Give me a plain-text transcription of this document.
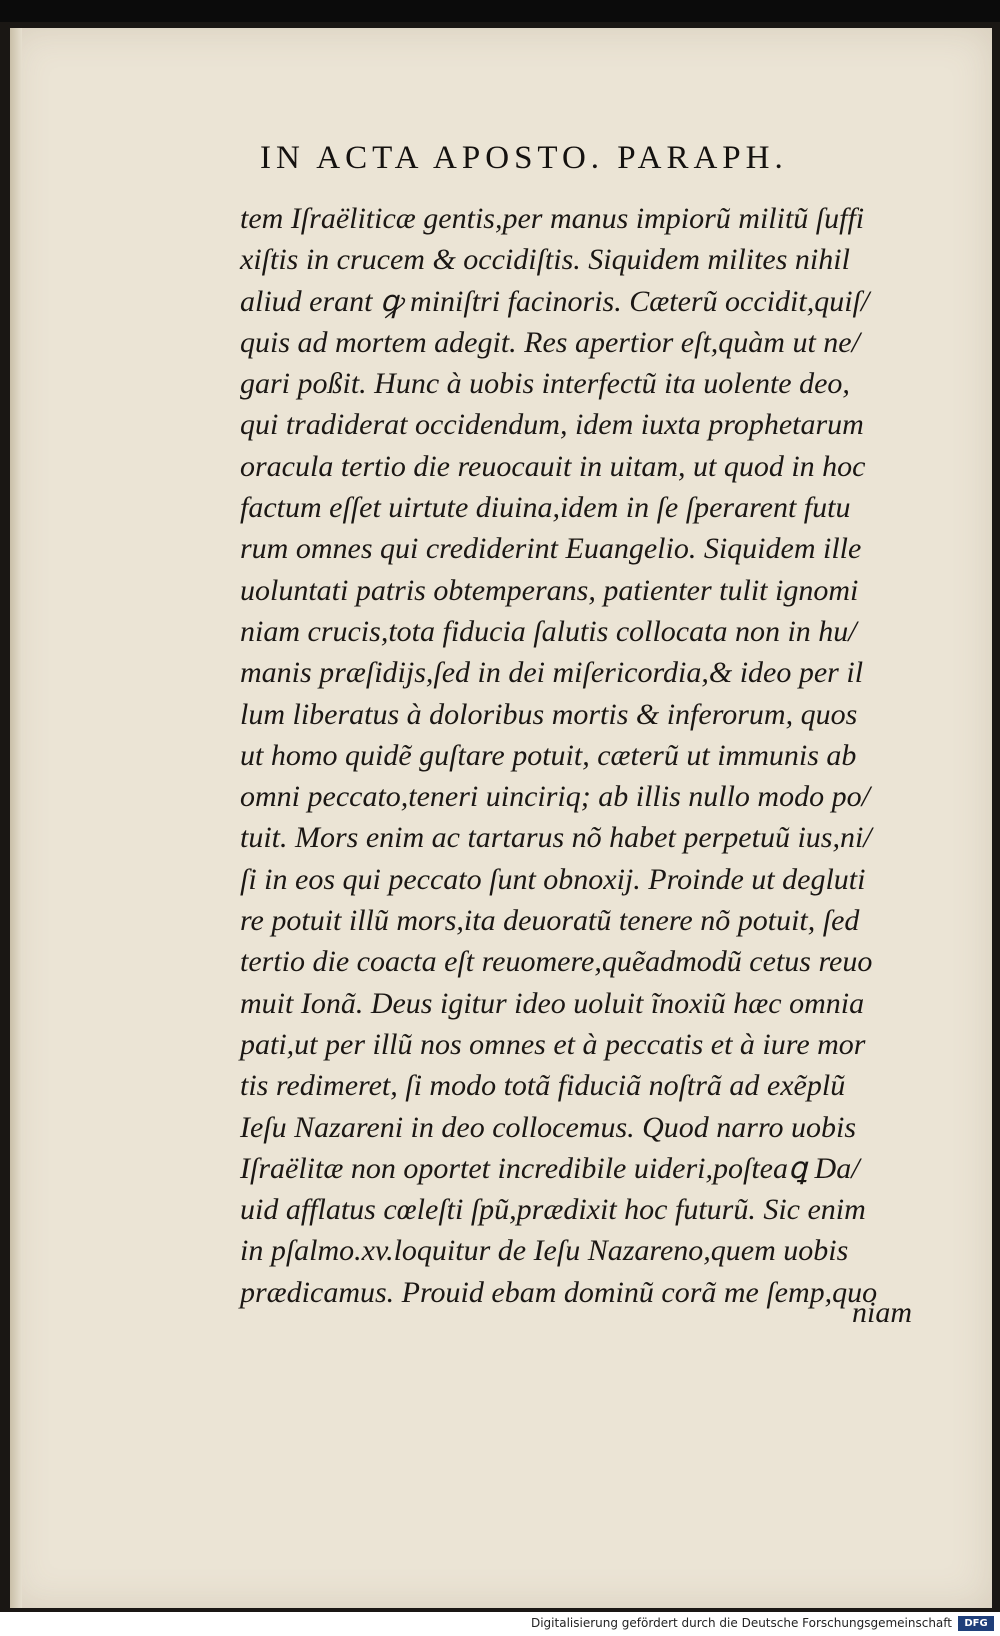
IN ACTA APOSTO. PARAPH.
tem Iſraëliticæ gentis,per manus impiorũ militũ ſuffi
xiſtis in crucem & occidiſtis. Siquidem milites nihil
aliud erant ꝙ miniſtri facinoris. Cæterũ occidit,quiſ/
quis ad mortem adegit. Res apertior eſt,quàm ut ne/
gari poßit. Hunc à uobis interfectũ ita uolente deo,
qui tradiderat occidendum, idem iuxta prophetarum
oracula tertio die reuocauit in uitam, ut quod in hoc
factum eſſet uirtute diuina,idem in ſe ſperarent futu
rum omnes qui crediderint Euangelio. Siquidem ille
uoluntati patris obtemperans, patienter tulit ignomi
niam crucis,tota fiducia ſalutis collocata non in hu/
manis præſidijs,ſed in dei miſericordia,& ideo per il
lum liberatus à doloribus mortis & inferorum, quos
ut homo quidẽ guſtare potuit, cæterũ ut immunis ab
omni peccato,teneri uinciriq; ab illis nullo modo po/
tuit. Mors enim ac tartarus nõ habet perpetuũ ius,ni/
ſi in eos qui peccato ſunt obnoxij. Proinde ut degluti
re potuit illũ mors,ita deuoratũ tenere nõ potuit, ſed
tertio die coacta eſt reuomere,quẽadmodũ cetus reuo
muit Ionã. Deus igitur ideo uoluit ĩnoxiũ hæc omnia
pati,ut per illũ nos omnes et à peccatis et à iure mor
tis redimeret, ſi modo totã fiduciã noſtrã ad exẽplũ
Ieſu Nazareni in deo collocemus. Quod narro uobis
Iſraëlitæ non oportet incredibile uideri,poſteaꝗ Da/
uid afflatus cœleſti ſpũ,prædixit hoc futurũ. Sic enim
in pſalmo.xv.loquitur de Ieſu Nazareno,quem uobis
prædicamus. Prouid ebam dominũ corã me ſemp,quo
niam
Digitalisierung gefördert durch die Deutsche Forschungsgemeinschaft	DFG
